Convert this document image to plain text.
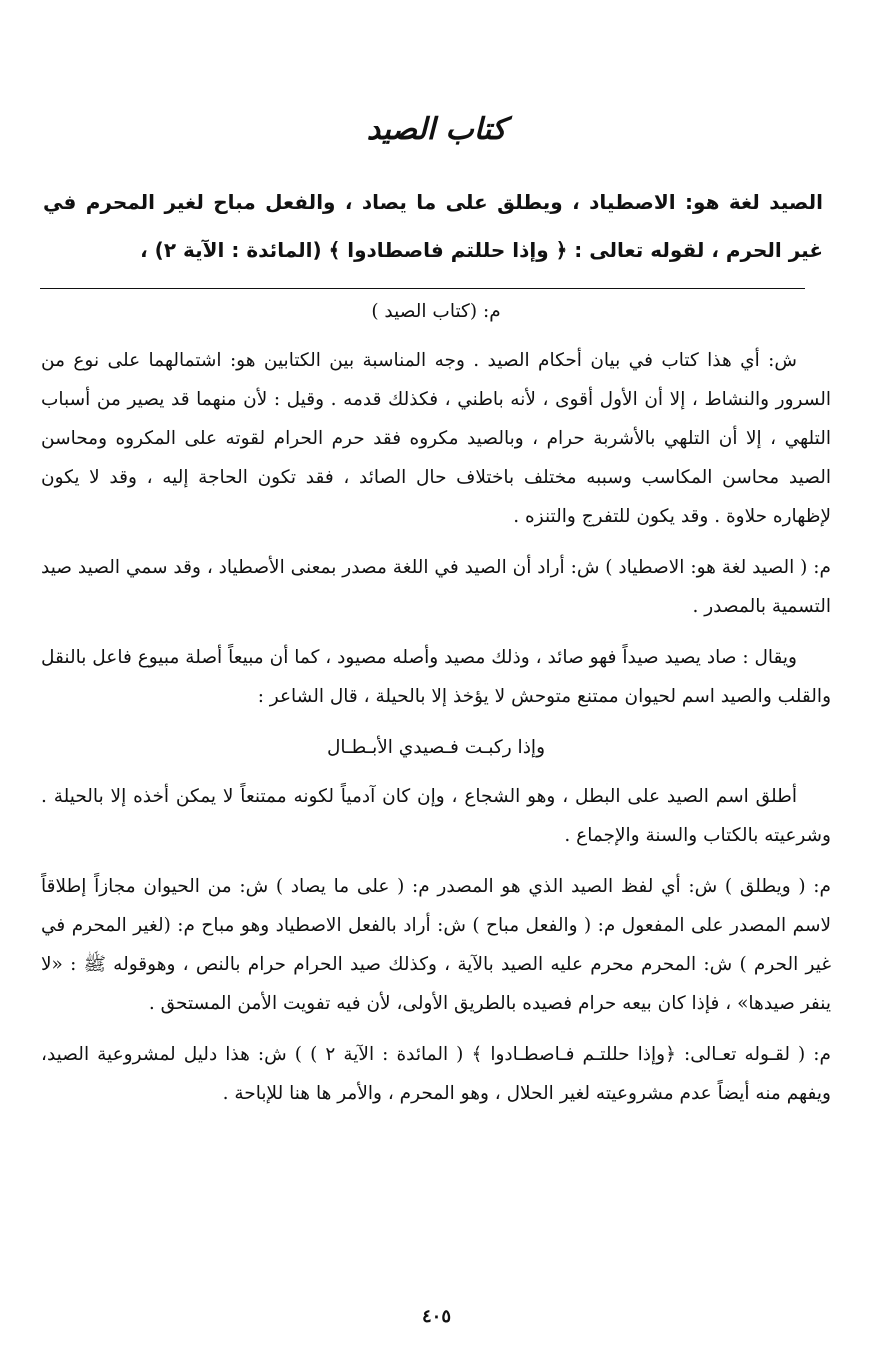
كتاب الصيد

الصيد لغة هو: الاصطياد ، ويطلق على ما يصاد ، والفعل مباح لغير المحرم في غير الحرم ، لقوله تعالى : ﴿ وإذا حللتم فاصطادوا ﴾ (المائدة : الآية ٢) ،

م: (كتاب الصيد )

ش: أي هذا كتاب في بيان أحكام الصيد . وجه المناسبة بين الكتابين هو: اشتمالهما على نوع من السرور والنشاط ، إلا أن الأول أقوى ، لأنه باطني ، فكذلك قدمه . وقيل : لأن منهما قد يصير من أسباب التلهي ، إلا أن التلهي بالأشربة حرام ، وبالصيد مكروه فقد حرم الحرام لقوته على المكروه ومحاسن الصيد محاسن المكاسب وسببه مختلف باختلاف حال الصائد ، فقد تكون الحاجة إليه ، وقد لا يكون لإظهاره حلاوة . وقد يكون للتفرج والتنزه .

م: ( الصيد لغة هو: الاصطياد ) ش: أراد أن الصيد في اللغة مصدر بمعنى الأصطياد ، وقد سمي الصيد صيد التسمية بالمصدر .

ويقال : صاد يصيد صيداً فهو صائد ، وذلك مصيد وأصله مصيود ، كما أن مبيعاً أصلة مبيوع فاعل بالنقل والقلب والصيد اسم لحيوان ممتنع متوحش لا يؤخذ إلا بالحيلة ، قال الشاعر :

وإذا ركبـت فـصيدي الأبـطـال

أطلق اسم الصيد على البطل ، وهو الشجاع ، وإن كان آدمياً لكونه ممتنعاً لا يمكن أخذه إلا بالحيلة . وشرعيته بالكتاب والسنة والإجماع .

م: ( ويطلق ) ش: أي لفظ الصيد الذي هو المصدر م: ( على ما يصاد ) ش: من الحيوان مجازاً إطلاقاً لاسم المصدر على المفعول م: ( والفعل مباح ) ش: أراد بالفعل الاصطياد وهو مباح م: (لغير المحرم في غير الحرم ) ش: المحرم محرم عليه الصيد بالآية ، وكذلك صيد الحرام حرام بالنص ، وهوقوله ﷺ : «لا ينفر صيدها» ، فإذا كان بيعه حرام فصيده بالطريق الأولى، لأن فيه تفويت الأمن المستحق .

م: ( لقـوله تعـالى: ﴿وإذا حللتـم فـاصطـادوا ﴾ ( المائدة : الآية ٢ ) ) ش: هذا دليل لمشروعية الصيد، ويفهم منه أيضاً عدم مشروعيته لغير الحلال ، وهو المحرم ، والأمر ها هنا للإباحة .

٤٠٥
